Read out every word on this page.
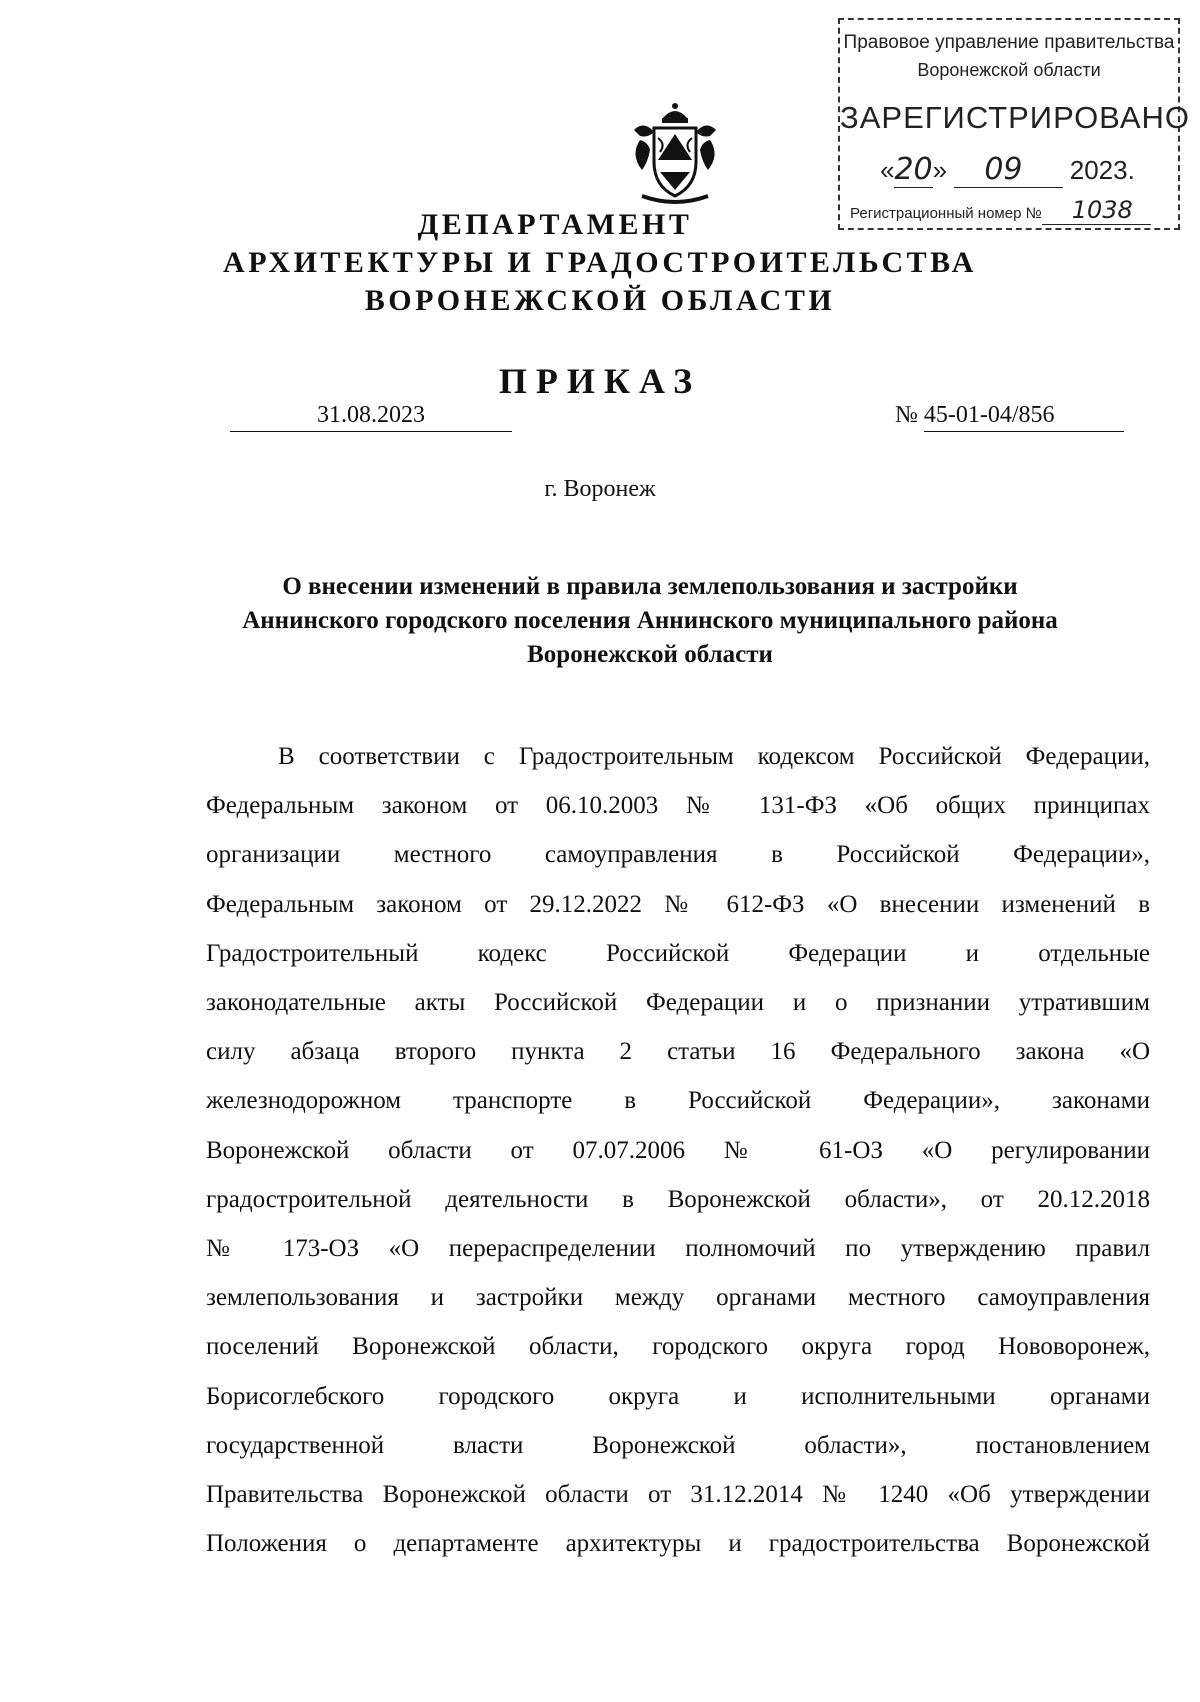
Правовое управление правительства
Воронежской области
ЗАРЕГИСТРИРОВАНО
«20» 09 2023.
Регистрационный номер № 1038
ДЕПАРТАМЕНТ
АРХИТЕКТУРЫ И ГРАДОСТРОИТЕЛЬСТВА
ВОРОНЕЖСКОЙ ОБЛАСТИ
ПРИКАЗ
31.08.2023	№ 45-01-04/856
г. Воронеж
О внесении изменений в правила землепользования и застройки
Аннинского городского поселения Аннинского муниципального района
Воронежской области
В соответствии с Градостроительным кодексом Российской Федерации,
Федеральным законом от 06.10.2003 № 131-ФЗ «Об общих принципах
организации местного самоуправления в Российской Федерации»,
Федеральным законом от 29.12.2022 № 612-ФЗ «О внесении изменений в
Градостроительный кодекс Российской Федерации и отдельные
законодательные акты Российской Федерации и о признании утратившим
силу абзаца второго пункта 2 статьи 16 Федерального закона «О
железнодорожном транспорте в Российской Федерации», законами
Воронежской области от 07.07.2006 № 61-ОЗ «О регулировании
градостроительной деятельности в Воронежской области», от 20.12.2018
№ 173-ОЗ «О перераспределении полномочий по утверждению правил
землепользования и застройки между органами местного самоуправления
поселений Воронежской области, городского округа город Нововоронеж,
Борисоглебского городского округа и исполнительными органами
государственной власти Воронежской области», постановлением
Правительства Воронежской области от 31.12.2014 № 1240 «Об утверждении
Положения о департаменте архитектуры и градостроительства Воронежской
